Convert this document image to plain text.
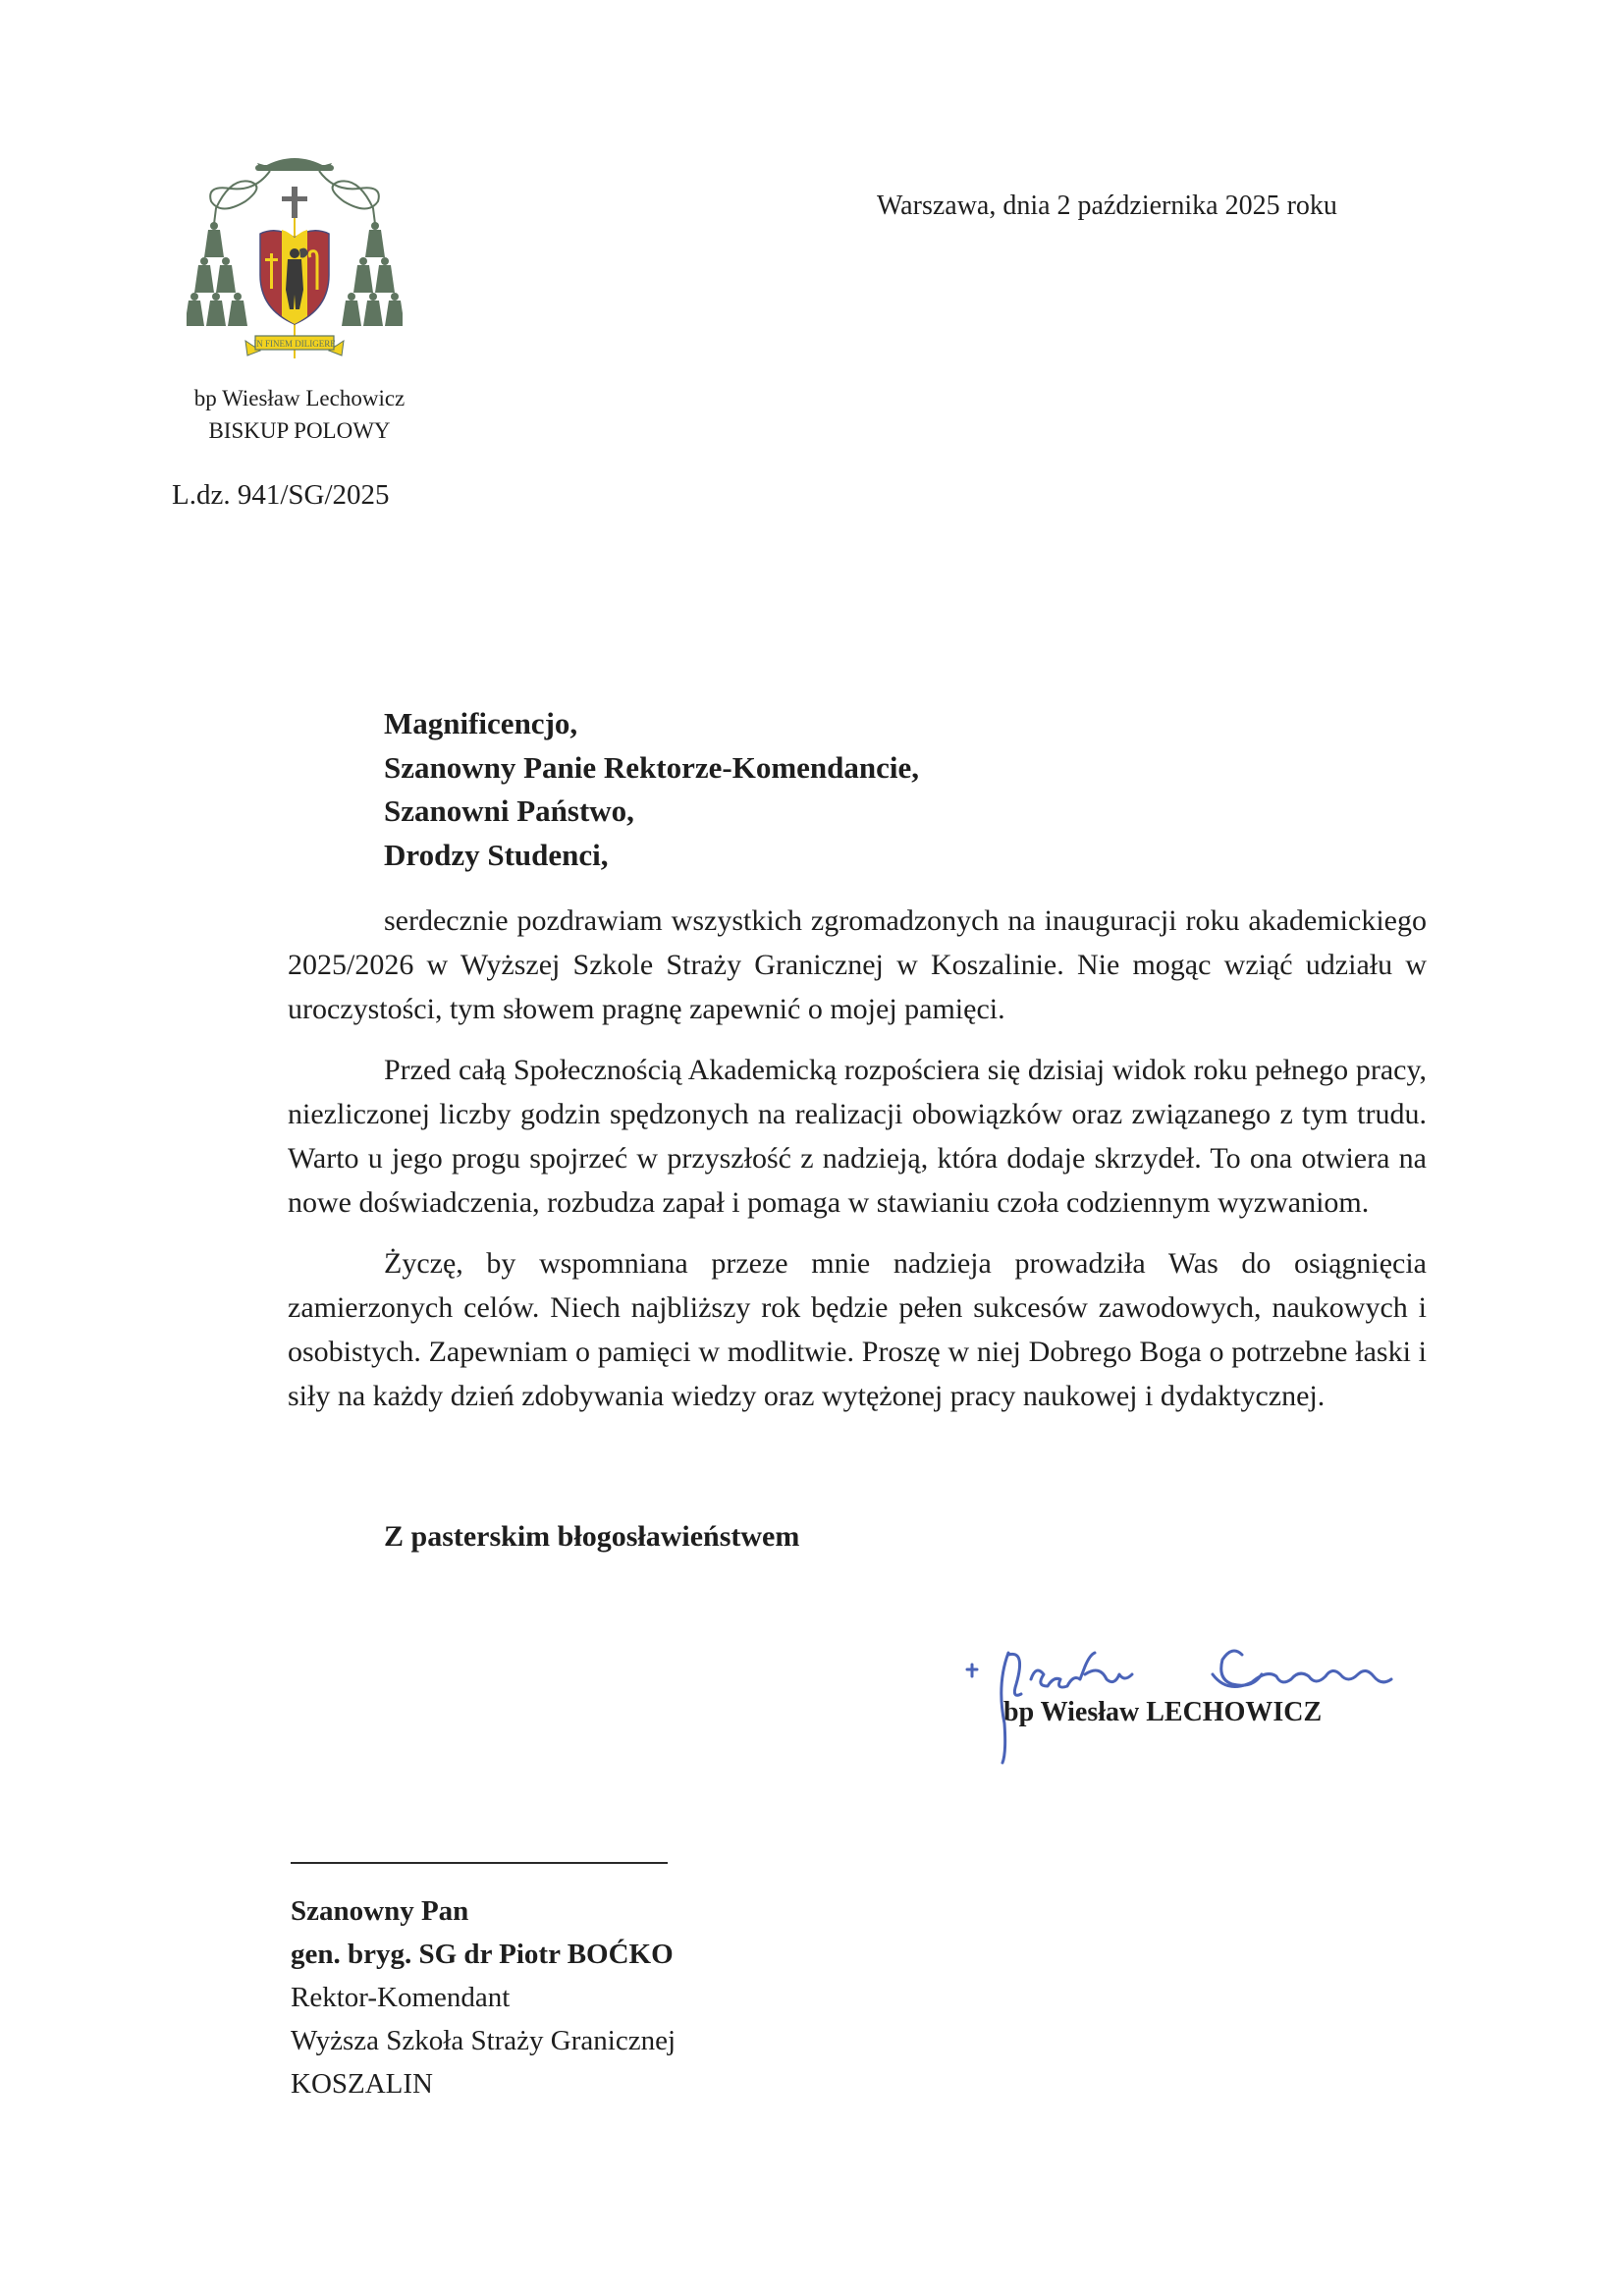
IN FINEM DILIGERE
bp Wiesław Lechowicz
BISKUP POLOWY
L.dz. 941/SG/2025
Warszawa, dnia 2 października 2025 roku
Magnificencjo,
Szanowny Panie Rektorze-Komendancie,
Szanowni Państwo,
Drodzy Studenci,

serdecznie pozdrawiam wszystkich zgromadzonych na inauguracji roku akademickiego 2025/2026 w Wyższej Szkole Straży Granicznej w Koszalinie. Nie mogąc wziąć udziału w uroczystości, tym słowem pragnę zapewnić o mojej pamięci.

Przed całą Społecznością Akademicką rozpościera się dzisiaj widok roku pełnego pracy, niezliczonej liczby godzin spędzonych na realizacji obowiązków oraz związanego z tym trudu. Warto u jego progu spojrzeć w przyszłość z nadzieją, która dodaje skrzydeł. To ona otwiera na nowe doświadczenia, rozbudza zapał i pomaga w stawianiu czoła codziennym wyzwaniom.

Życzę, by wspomniana przeze mnie nadzieja prowadziła Was do osiągnięcia zamierzonych celów. Niech najbliższy rok będzie pełen sukcesów zawodowych, naukowych i osobistych. Zapewniam o pamięci w modlitwie. Proszę w niej Dobrego Boga o potrzebne łaski i siły na każdy dzień zdobywania wiedzy oraz wytężonej pracy naukowej i dydaktycznej.

Z pasterskim błogosławieństwem
bp Wiesław LECHOWICZ
Szanowny Pan
gen. bryg. SG dr Piotr BOĆKO
Rektor-Komendant
Wyższa Szkoła Straży Granicznej
KOSZALIN
